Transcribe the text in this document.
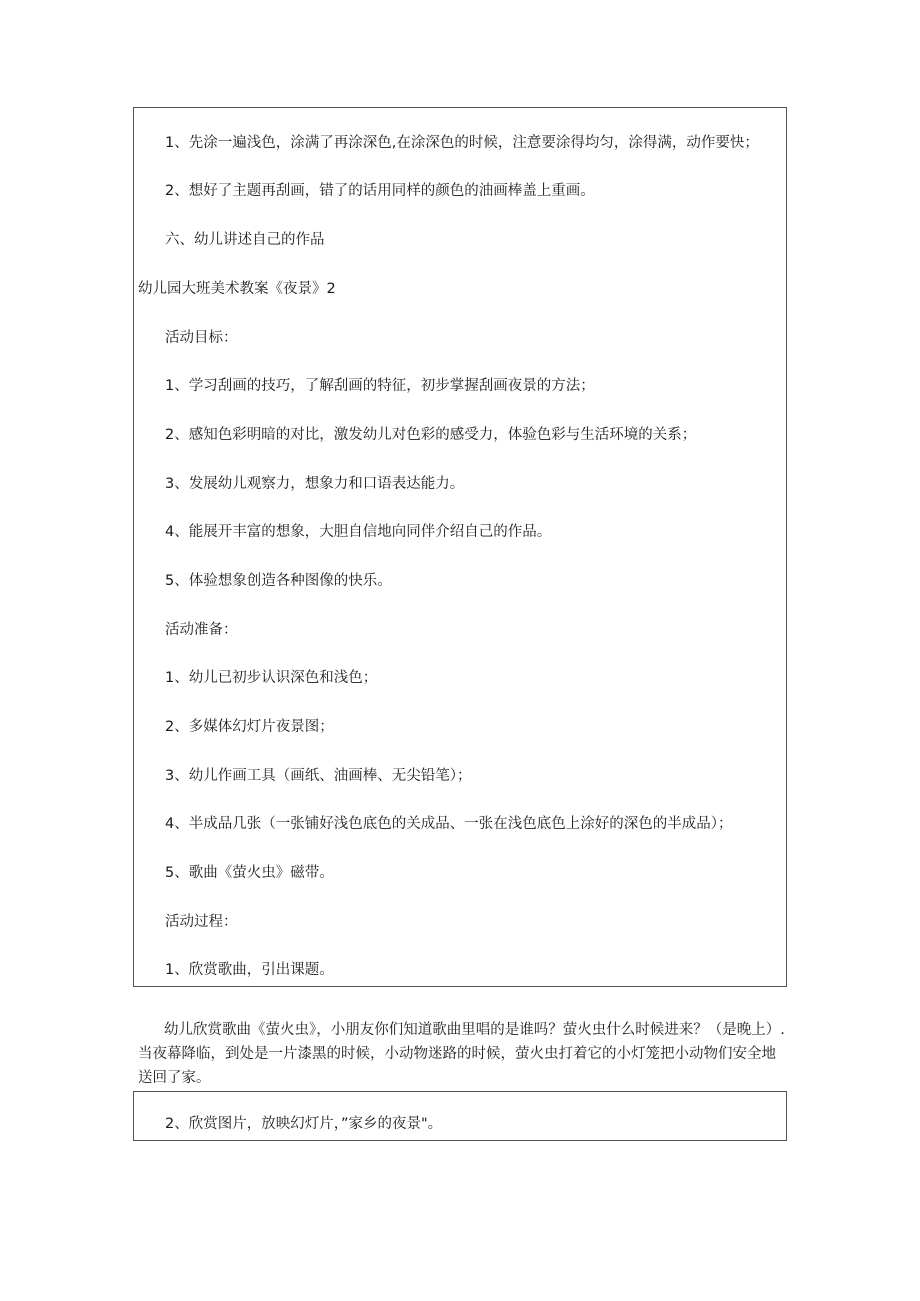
1、先涂一遍浅色，涂满了再涂深色,在涂深色的时候，注意要涂得均匀，涂得满，动作要快；
2、想好了主题再刮画，错了的话用同样的颜色的油画棒盖上重画。
六、幼儿讲述自己的作品
幼儿园大班美术教案《夜景》2
活动目标：
1、学习刮画的技巧，了解刮画的特征，初步掌握刮画夜景的方法；
2、感知色彩明暗的对比，激发幼儿对色彩的感受力，体验色彩与生活环境的关系；
3、发展幼儿观察力，想象力和口语表达能力。
4、能展开丰富的想象，大胆自信地向同伴介绍自己的作品。
5、体验想象创造各种图像的快乐。
活动准备：
1、幼儿已初步认识深色和浅色；
2、多媒体幻灯片夜景图；
3、幼儿作画工具（画纸、油画棒、无尖铅笔）；
4、半成品几张（一张铺好浅色底色的关成品、一张在浅色底色上涂好的深色的半成品）；
5、歌曲《萤火虫》磁带。
活动过程：
1、欣赏歌曲，引出课题。
幼儿欣赏歌曲《萤火虫》，小朋友你们知道歌曲里唱的是谁吗？萤火虫什么时候进来？（是晚上）.当夜幕降临，到处是一片漆黑的时候，小动物迷路的时候，萤火虫打着它的小灯笼把小动物们安全地送回了家。
2、欣赏图片，放映幻灯片，”家乡的夜景"。
